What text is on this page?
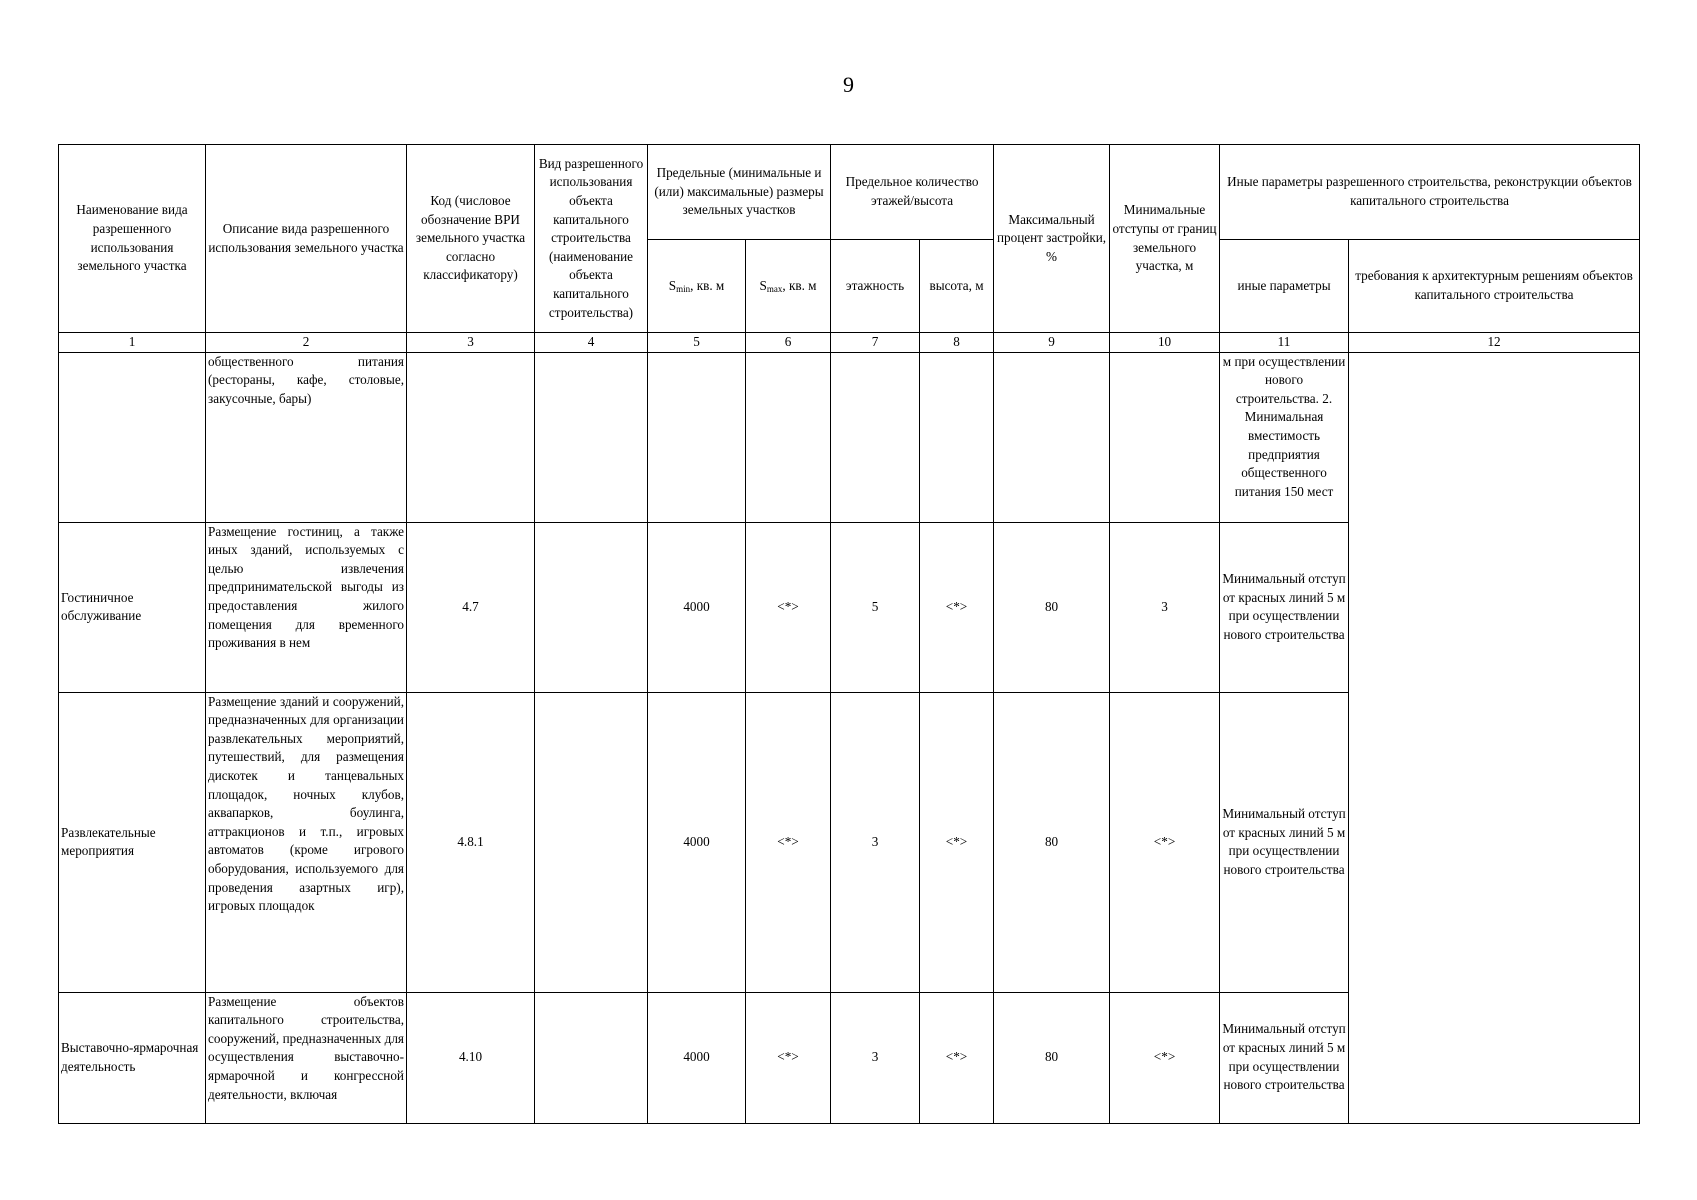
9
Наименование вида разрешенного использования земельного участка	Описание вида разрешенного использования земельного участка	Код (числовое обозначение ВРИ земельного участка согласно классификатору)	Вид разрешенного использования объекта капитального строительства (наименование объекта капитального строительства)	Предельные (минимальные и (или) максимальные) размеры земельных участков		Предельное количество этажей/высота		Максимальный процент застройки, %	Минимальные отступы от границ земельного участка, м	Иные параметры разрешенного строительства, реконструкции объектов капитального строительства	
				$S_{min}$, кв. м	$S_{max}$, кв. м	этажность	высота, м			иные параметры	требования к архитектурным решениям объектов капитального строительства
1	2	3	4	5	6	7	8	9	10	11	12
	общественного питания (рестораны, кафе, столовые, закусочные, бары)									м при осуществлении нового строительства. 2. Минимальная вместимость предприятия общественного питания 150 мест	
Гостиничное обслуживание	Размещение гостиниц, а также иных зданий, используемых с целью извлечения предпринимательской выгоды из предоставления жилого помещения для временного проживания в нем	4.7		4000	<*>	5	<*>	80	3	Минимальный отступ от красных линий 5 м при осуществлении нового строительства	
Развлекательные мероприятия	Размещение зданий и сооружений, предназначенных для организации развлекательных мероприятий, путешествий, для размещения дискотек и танцевальных площадок, ночных клубов, аквапарков, боулинга, аттракционов и т.п., игровых автоматов (кроме игрового оборудования, используемого для проведения азартных игр), игровых площадок	4.8.1		4000	<*>	3	<*>	80	<*>	Минимальный отступ от красных линий 5 м при осуществлении нового строительства	
Выставочно-ярмарочная деятельность	Размещение объектов капитального строительства, сооружений, предназначенных для осуществления выставочно-ярмарочной и конгрессной деятельности, включая	4.10		4000	<*>	3	<*>	80	<*>	Минимальный отступ от красных линий 5 м при осуществлении нового строительства	
